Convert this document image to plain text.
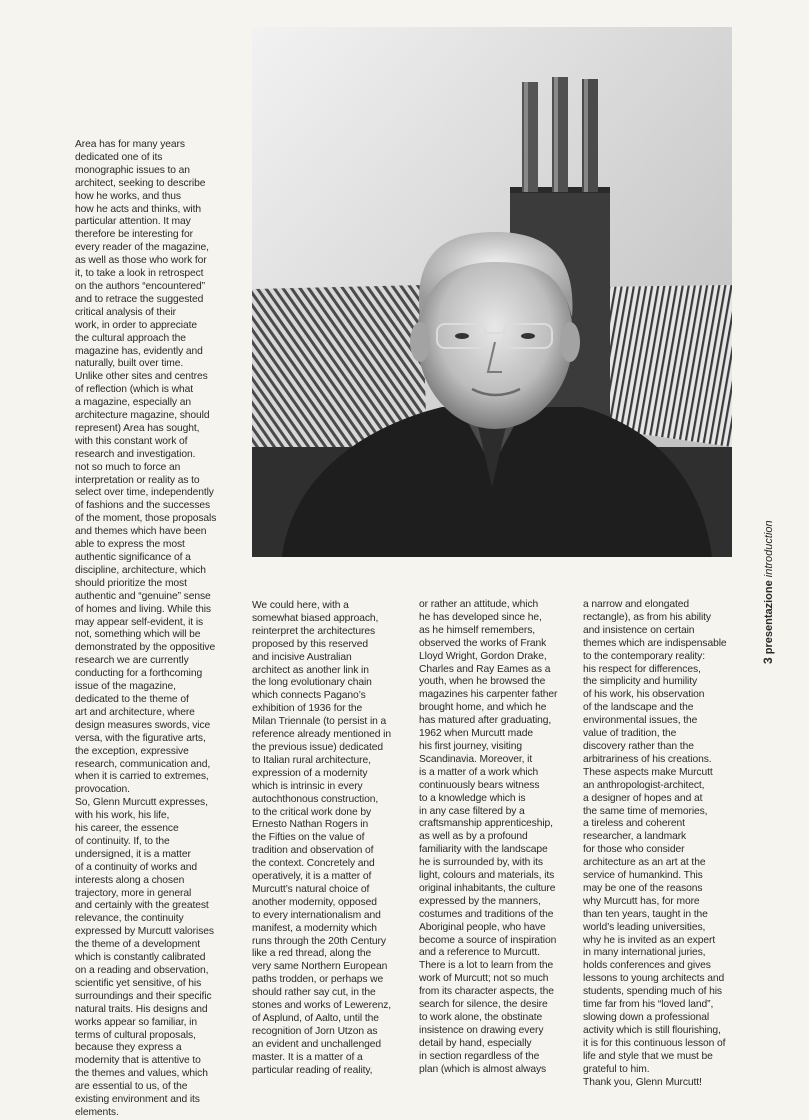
Area has for many years
dedicated one of its
monographic issues to an
architect, seeking to describe
how he works, and thus
how he acts and thinks, with
particular attention. It may
therefore be interesting for
every reader of the magazine,
as well as those who work for
it, to take a look in retrospect
on the authors “encountered”
and to retrace the suggested
critical analysis of their
work, in order to appreciate
the cultural approach the
magazine has, evidently and
naturally, built over time.
Unlike other sites and centres
of reflection (which is what
a magazine, especially an
architecture magazine, should
represent) Area has sought,
with this constant work of
research and investigation.
not so much to force an
interpretation or reality as to
select over time, independently
of fashions and the successes
of the moment, those proposals
and themes which have been
able to express the most
authentic significance of a
discipline, architecture, which
should prioritize the most
authentic and “genuine” sense
of homes and living. While this
may appear self-evident, it is
not, something which will be
demonstrated by the oppositive
research we are currently
conducting for a forthcoming
issue of the magazine,
dedicated to the theme of
art and architecture, where
design measures swords, vice
versa, with the figurative arts,
the exception, expressive
research, communication and,
when it is carried to extremes,
provocation.
So, Glenn Murcutt expresses,
with his work, his life,
his career, the essence
of continuity. If, to the
undersigned, it is a matter
of a continuity of works and
interests along a chosen
trajectory, more in general
and certainly with the greatest
relevance, the continuity
expressed by Murcutt valorises
the theme of a development
which is constantly calibrated
on a reading and observation,
scientific yet sensitive, of his
surroundings and their specific
natural traits. His designs and
works appear so familiar, in
terms of cultural proposals,
because they express a
modernity that is attentive to
the themes and values, which
are essential to us, of the
existing environment and its
elements.

We could here, with a
somewhat biased approach,
reinterpret the architectures
proposed by this reserved
and incisive Australian
architect as another link in
the long evolutionary chain
which connects Pagano’s
exhibition of 1936 for the
Milan Triennale (to persist in a
reference already mentioned in
the previous issue) dedicated
to Italian rural architecture,
expression of a modernity
which is intrinsic in every
autochthonous construction,
to the critical work done by
Ernesto Nathan Rogers in
the Fifties on the value of
tradition and observation of
the context. Concretely and
operatively, it is a matter of
Murcutt’s natural choice of
another modernity, opposed
to every internationalism and
manifest, a modernity which
runs through the 20th Century
like a red thread, along the
very same Northern European
paths trodden, or perhaps we
should rather say cut, in the
stones and works of Lewerenz,
of Asplund, of Aalto, until the
recognition of Jorn Utzon as
an evident and unchallenged
master. It is a matter of a
particular reading of reality,

or rather an attitude, which
he has developed since he,
as he himself remembers,
observed the works of Frank
Lloyd Wright, Gordon Drake,
Charles and Ray Eames as a
youth, when he browsed the
magazines his carpenter father
brought home, and which he
has matured after graduating,
1962 when Murcutt made
his first journey, visiting
Scandinavia. Moreover, it
is a matter of a work which
continuously bears witness
to a knowledge which is
in any case filtered by a
craftsmanship apprenticeship,
as well as by a profound
familiarity with the landscape
he is surrounded by, with its
light, colours and materials, its
original inhabitants, the culture
expressed by the manners,
costumes and traditions of the
Aboriginal people, who have
become a source of inspiration
and a reference to Murcutt.
There is a lot to learn from the
work of Murcutt; not so much
from its character aspects, the
search for silence, the desire
to work alone, the obstinate
insistence on drawing every
detail by hand, especially
in section regardless of the
plan (which is almost always

a narrow and elongated
rectangle), as from his ability
and insistence on certain
themes which are indispensable
to the contemporary reality:
his respect for differences,
the simplicity and humility
of his work, his observation
of the landscape and the
environmental issues, the
value of tradition, the
discovery rather than the
arbitrariness of his creations.
These aspects make Murcutt
an anthropologist-architect,
a designer of hopes and at
the same time of memories,
a tireless and coherent
researcher, a landmark
for those who consider
architecture as an art at the
service of humankind. This
may be one of the reasons
why Murcutt has, for more
than ten years, taught in the
world’s leading universities,
why he is invited as an expert
in many international juries,
holds conferences and gives
lessons to young architects and
students, spending much of his
time far from his “loved land”,
slowing down a professional
activity which is still flourishing,
it is for this continuous lesson of
life and style that we must be
grateful to him.
Thank you, Glenn Murcutt!

3 presentazione introduction
